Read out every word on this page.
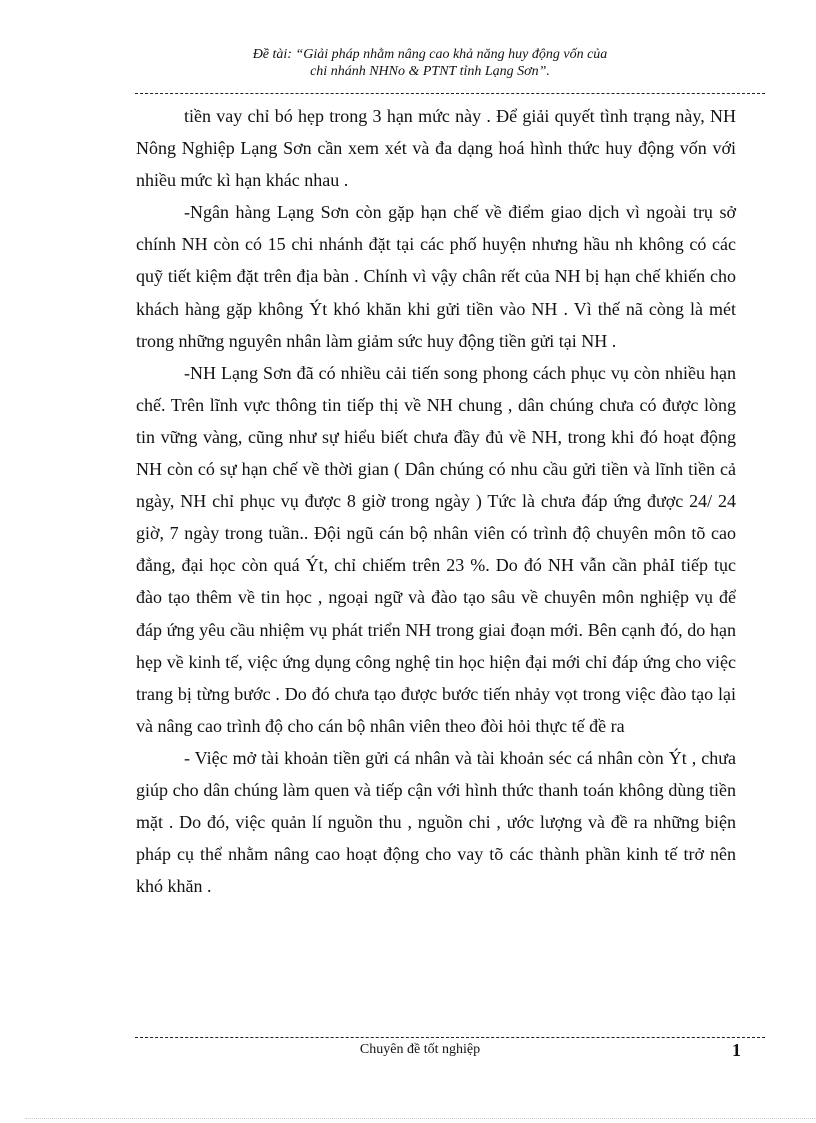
Đề tài: “Giải pháp nhằm nâng cao khả năng huy động vốn của
chi nhánh NHNo & PTNT tỉnh Lạng Sơn”.

tiền vay chỉ bó hẹp trong 3 hạn mức này . Để giải quyết tình trạng này, NH Nông Nghiệp Lạng Sơn cần xem xét và đa dạng hoá hình thức huy động vốn với nhiều mức kì hạn khác nhau .

-Ngân hàng Lạng Sơn còn gặp hạn chế về điểm giao dịch vì ngoài trụ sở chính NH còn có 15 chi nhánh đặt tại các phố huyện nhưng hầu nh không có các quỹ tiết kiệm đặt trên địa bàn . Chính vì vậy chân rết của NH bị hạn chế khiến cho khách hàng gặp không Ýt khó khăn khi gửi tiền vào NH . Vì thế nã còng là mét trong những nguyên nhân làm giảm sức huy động tiền gửi tại NH .

-NH Lạng Sơn đã có nhiều cải tiến song phong cách phục vụ còn nhiều hạn chế. Trên lĩnh vực thông tin tiếp thị về NH chung , dân chúng chưa có được lòng tin vững vàng, cũng như sự hiểu biết chưa đầy đủ về NH, trong khi đó hoạt động NH còn có sự hạn chế về thời gian ( Dân chúng có nhu cầu gửi tiền và lĩnh tiền cả ngày, NH chỉ phục vụ được 8 giờ trong ngày ) Tức là chưa đáp ứng được 24/ 24 giờ, 7 ngày trong tuần.. Đội ngũ cán bộ nhân viên có trình độ chuyên môn tõ cao đẳng, đại học còn quá Ýt, chỉ chiếm trên 23 %. Do đó NH vẫn cần phảI tiếp tục đào tạo thêm về tin học , ngoại ngữ và đào tạo sâu về chuyên môn nghiệp vụ để đáp ứng yêu cầu nhiệm vụ phát triển NH trong giai đoạn mới. Bên cạnh đó, do hạn hẹp về kinh tế, việc ứng dụng công nghệ tin học hiện đại mới chỉ đáp ứng cho việc trang bị từng bước . Do đó chưa tạo được bước tiến nhảy vọt trong việc đào tạo lại và nâng cao trình độ cho cán bộ nhân viên theo đòi hỏi thực tế đề ra

- Việc mở tài khoản tiền gửi cá nhân và tài khoản séc cá nhân còn Ýt , chưa giúp cho dân chúng làm quen và tiếp cận với hình thức thanh toán không dùng tiền mặt . Do đó, việc quản lí nguồn thu , nguồn chi , ước lượng và đề ra những biện pháp cụ thể nhằm nâng cao hoạt động cho vay tõ các thành phần kinh tế trở nên khó khăn .

Chuyên đề tốt nghiệp	1
